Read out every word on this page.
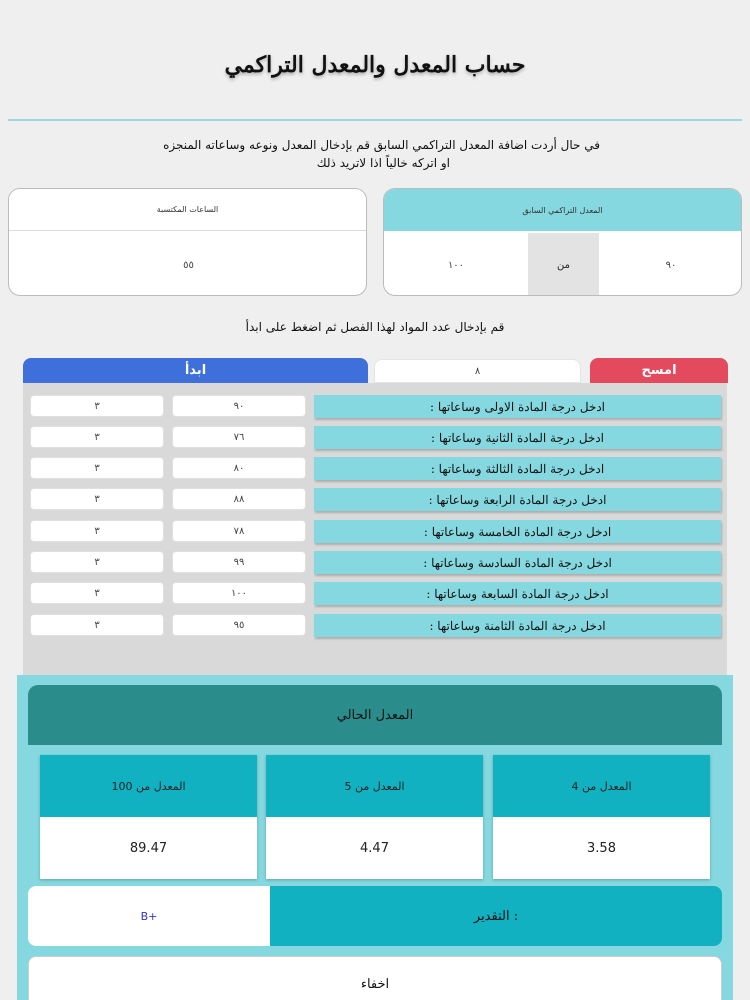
حساب المعدل والمعدل التراكمي
في حال أردت اضافة المعدل التراكمي السابق قم بإدخال المعدل ونوعه وساعاته المنجزه
او اتركه خالياً اذا لاتريد ذلك
المعدل التراكمي السابق
٩٠
من
١٠٠
الساعات المكتسبة
٥٥
قم بإدخال عدد المواد لهذا الفصل ثم اضغط على ابدأ
ابدأ	٨	امسح
ادخل درجة المادة الاولى وساعاتها :
٩٠
٣
ادخل درجة المادة الثانية وساعاتها :
٧٦
٣
ادخل درجة المادة الثالثة وساعاتها :
٨٠
٣
ادخل درجة المادة الرابعة وساعاتها :
٨٨
٣
ادخل درجة المادة الخامسة وساعاتها :
٧٨
٣
ادخل درجة المادة السادسة وساعاتها :
٩٩
٣
ادخل درجة المادة السابعة وساعاتها :
١٠٠
٣
ادخل درجة المادة الثامنة وساعاتها :
٩٥
٣
المعدل الحالي
المعدل من 4
3.58
المعدل من 5
4.47
المعدل من 100
89.47
التقدير :
B+
اخفاء
